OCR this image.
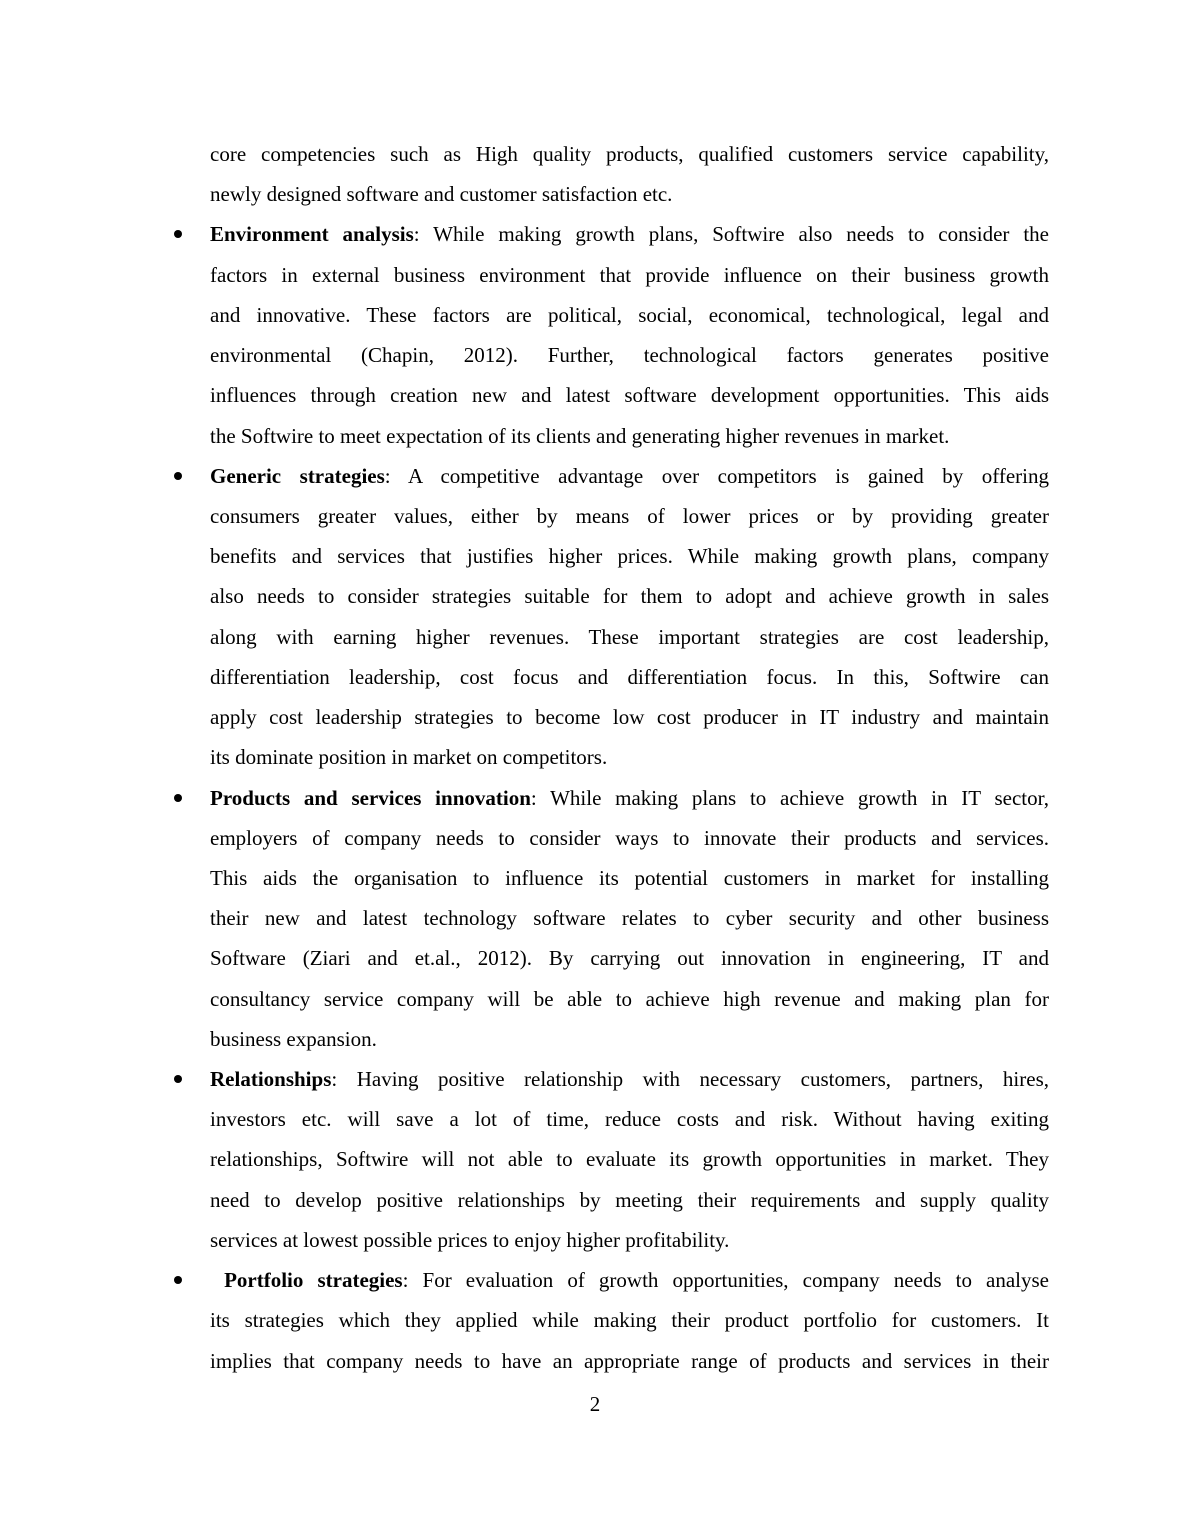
core competencies such as High quality products, qualified customers service capability,
newly designed software and customer satisfaction etc.
Environment analysis: While making growth plans, Softwire also needs to consider the
factors in external business environment that provide influence on their business growth
and innovative. These factors are political, social, economical, technological, legal and
environmental (Chapin, 2012). Further, technological factors generates positive
influences through creation new and latest software development opportunities. This aids
the Softwire to meet expectation of its clients and generating higher revenues in market.
Generic strategies: A competitive advantage over competitors is gained by offering
consumers greater values, either by means of lower prices or by providing greater
benefits and services that justifies higher prices. While making growth plans, company
also needs to consider strategies suitable for them to adopt and achieve growth in sales
along with earning higher revenues. These important strategies are cost leadership,
differentiation leadership, cost focus and differentiation focus. In this, Softwire can
apply cost leadership strategies to become low cost producer in IT industry and maintain
its dominate position in market on competitors.
Products and services innovation: While making plans to achieve growth in IT sector,
employers of company needs to consider ways to innovate their products and services.
This aids the organisation to influence its potential customers in market for installing
their new and latest technology software relates to cyber security and other business
Software (Ziari and et.al., 2012). By carrying out innovation in engineering, IT and
consultancy service company will be able to achieve high revenue and making plan for
business expansion.
Relationships: Having positive relationship with necessary customers, partners, hires,
investors etc. will save a lot of time, reduce costs and risk. Without having exiting
relationships, Softwire will not able to evaluate its growth opportunities in market. They
need to develop positive relationships by meeting their requirements and supply quality
services at lowest possible prices to enjoy higher profitability.
Portfolio strategies: For evaluation of growth opportunities, company needs to analyse
its strategies which they applied while making their product portfolio for customers. It
implies that company needs to have an appropriate range of products and services in their
2
